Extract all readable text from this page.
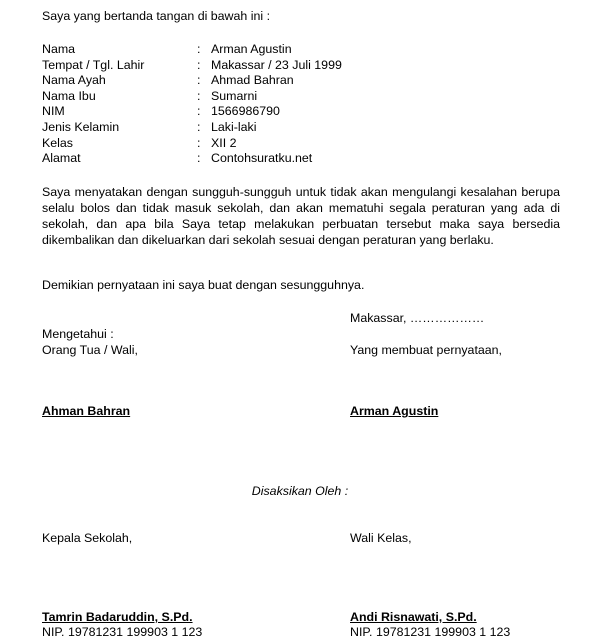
Saya yang bertanda tangan di bawah ini :
Nama	: Arman Agustin
Tempat / Tgl. Lahir	: Makassar / 23 Juli 1999
Nama Ayah	: Ahmad Bahran
Nama Ibu	: Sumarni
NIM	: 1566986790
Jenis Kelamin	: Laki-laki
Kelas	: XII 2
Alamat	: Contohsuratku.net
Saya menyatakan dengan sungguh-sungguh untuk tidak akan mengulangi kesalahan berupa selalu bolos dan tidak masuk sekolah, dan akan mematuhi segala peraturan yang ada di sekolah, dan apa bila Saya tetap melakukan perbuatan tersebut maka saya bersedia dikembalikan dan dikeluarkan dari sekolah sesuai dengan peraturan yang berlaku.
Demikian pernyataan ini saya buat dengan sesungguhnya.
Makassar, ………………
Mengetahui :
Orang Tua / Wali,	Yang membuat pernyataan,
Ahman Bahran	Arman Agustin
Disaksikan Oleh :
Kepala Sekolah,	Wali Kelas,
Tamrin Badaruddin, S.Pd.	Andi Risnawati, S.Pd.
NIP. 19781231 199903 1 123	NIP. 19781231 199903 1 123
